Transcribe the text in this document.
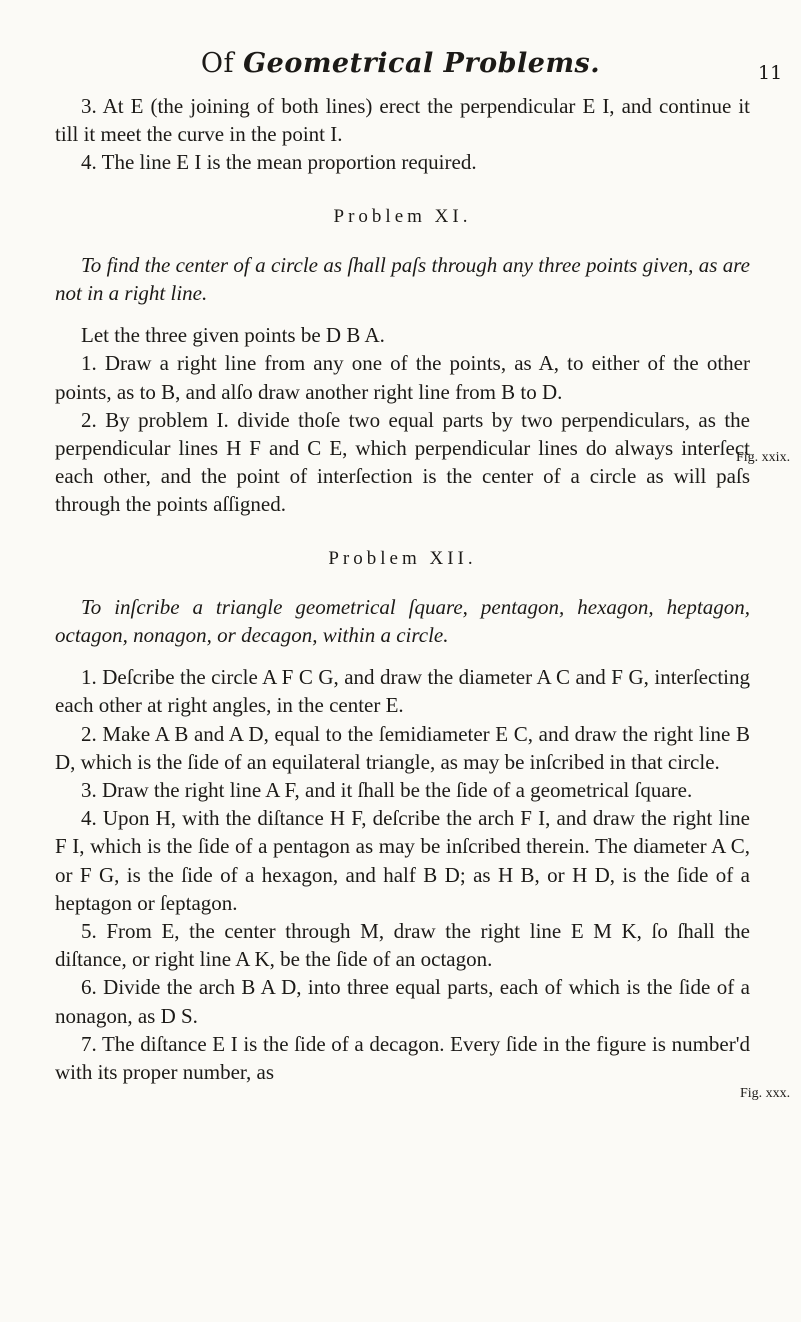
Of Geometrical Problems.	11

3. At E (the joining of both lines) erect the perpendicular E I, and continue it till it meet the curve in the point I.

4. The line E I is the mean proportion required.

Problem XI.

To find the center of a circle as ſhall paſs through any three points given, as are not in a right line.

Let the three given points be D B A.

1. Draw a right line from any one of the points, as A, to either of the other points, as to B, and alſo draw another right line from B to D.

2. By problem I. divide thoſe two equal parts by two perpendiculars, as the perpendicular lines H F and C E, which perpendicular lines do always interſect each other, and the point of interſection is the center of a circle as will paſs through the points aſſigned.

Problem XII.

To inſcribe a triangle geometrical ſquare, pentagon, hexagon, heptagon, octagon, nonagon, or decagon, within a circle.

1. Deſcribe the circle A F C G, and draw the diameter A C and F G, interſecting each other at right angles, in the center E.

2. Make A B and A D, equal to the ſemidiameter E C, and draw the right line B D, which is the ſide of an equilateral triangle, as may be inſcribed in that circle.

3. Draw the right line A F, and it ſhall be the ſide of a geometrical ſquare.

4. Upon H, with the diſtance H F, deſcribe the arch F I, and draw the right line F I, which is the ſide of a pentagon as may be inſcribed therein. The diameter A C, or F G, is the ſide of a hexagon, and half B D; as H B, or H D, is the ſide of a heptagon or ſeptagon.

5. From E, the center through M, draw the right line E M K, ſo ſhall the diſtance, or right line A K, be the ſide of an octagon.

6. Divide the arch B A D, into three equal parts, each of which is the ſide of a nonagon, as D S.

7. The diſtance E I is the ſide of a decagon. Every ſide in the figure is number'd with its proper number, as

Fig. xxix.
Fig. xxx.
